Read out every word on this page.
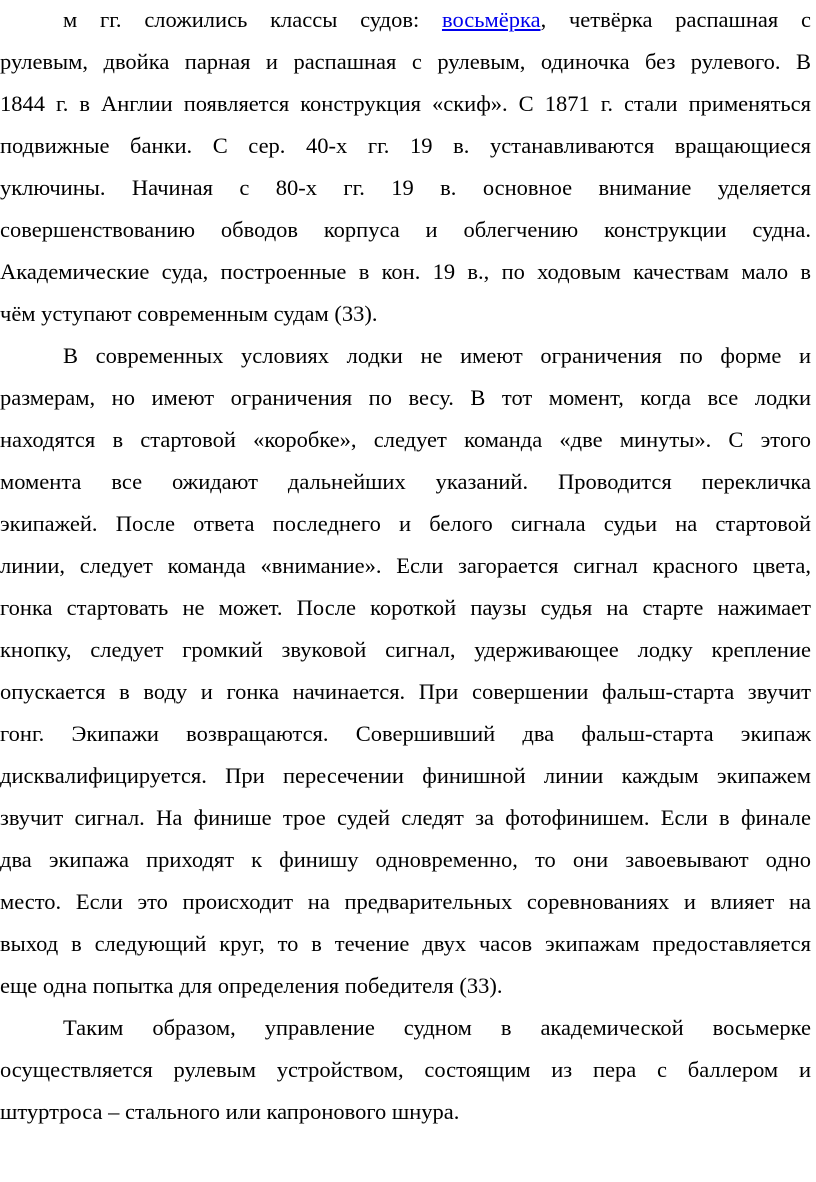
м гг. сложились классы судов: восьмёрка, четвёрка распашная с
рулевым, двойка парная и распашная с рулевым, одиночка без рулевого. В
1844 г. в Англии появляется конструкция «скиф». С 1871 г. стали применяться
подвижные банки. С сер. 40-х гг. 19 в. устанавливаются вращающиеся
уключины. Начиная с 80-х гг. 19 в. основное внимание уделяется
совершенствованию обводов корпуса и облегчению конструкции судна.
Академические суда, построенные в кон. 19 в., по ходовым качествам мало в
чём уступают современным судам (33).
В современных условиях лодки не имеют ограничения по форме и
размерам, но имеют ограничения по весу. В тот момент, когда все лодки
находятся в стартовой «коробке», следует команда «две минуты». С этого
момента все ожидают дальнейших указаний. Проводится перекличка
экипажей. После ответа последнего и белого сигнала судьи на стартовой
линии, следует команда «внимание». Если загорается сигнал красного цвета,
гонка стартовать не может. После короткой паузы судья на старте нажимает
кнопку, следует громкий звуковой сигнал, удерживающее лодку крепление
опускается в воду и гонка начинается. При совершении фальш-старта звучит
гонг. Экипажи возвращаются. Совершивший два фальш-старта экипаж
дисквалифицируется. При пересечении финишной линии каждым экипажем
звучит сигнал. На финише трое судей следят за фотофинишем. Если в финале
два экипажа приходят к финишу одновременно, то они завоевывают одно
место. Если это происходит на предварительных соревнованиях и влияет на
выход в следующий круг, то в течение двух часов экипажам предоставляется
еще одна попытка для определения победителя (33).
Таким образом, управление судном в академической восьмерке
осуществляется рулевым устройством, состоящим из пера с баллером и
штуртроса – стального или капронового шнура.
